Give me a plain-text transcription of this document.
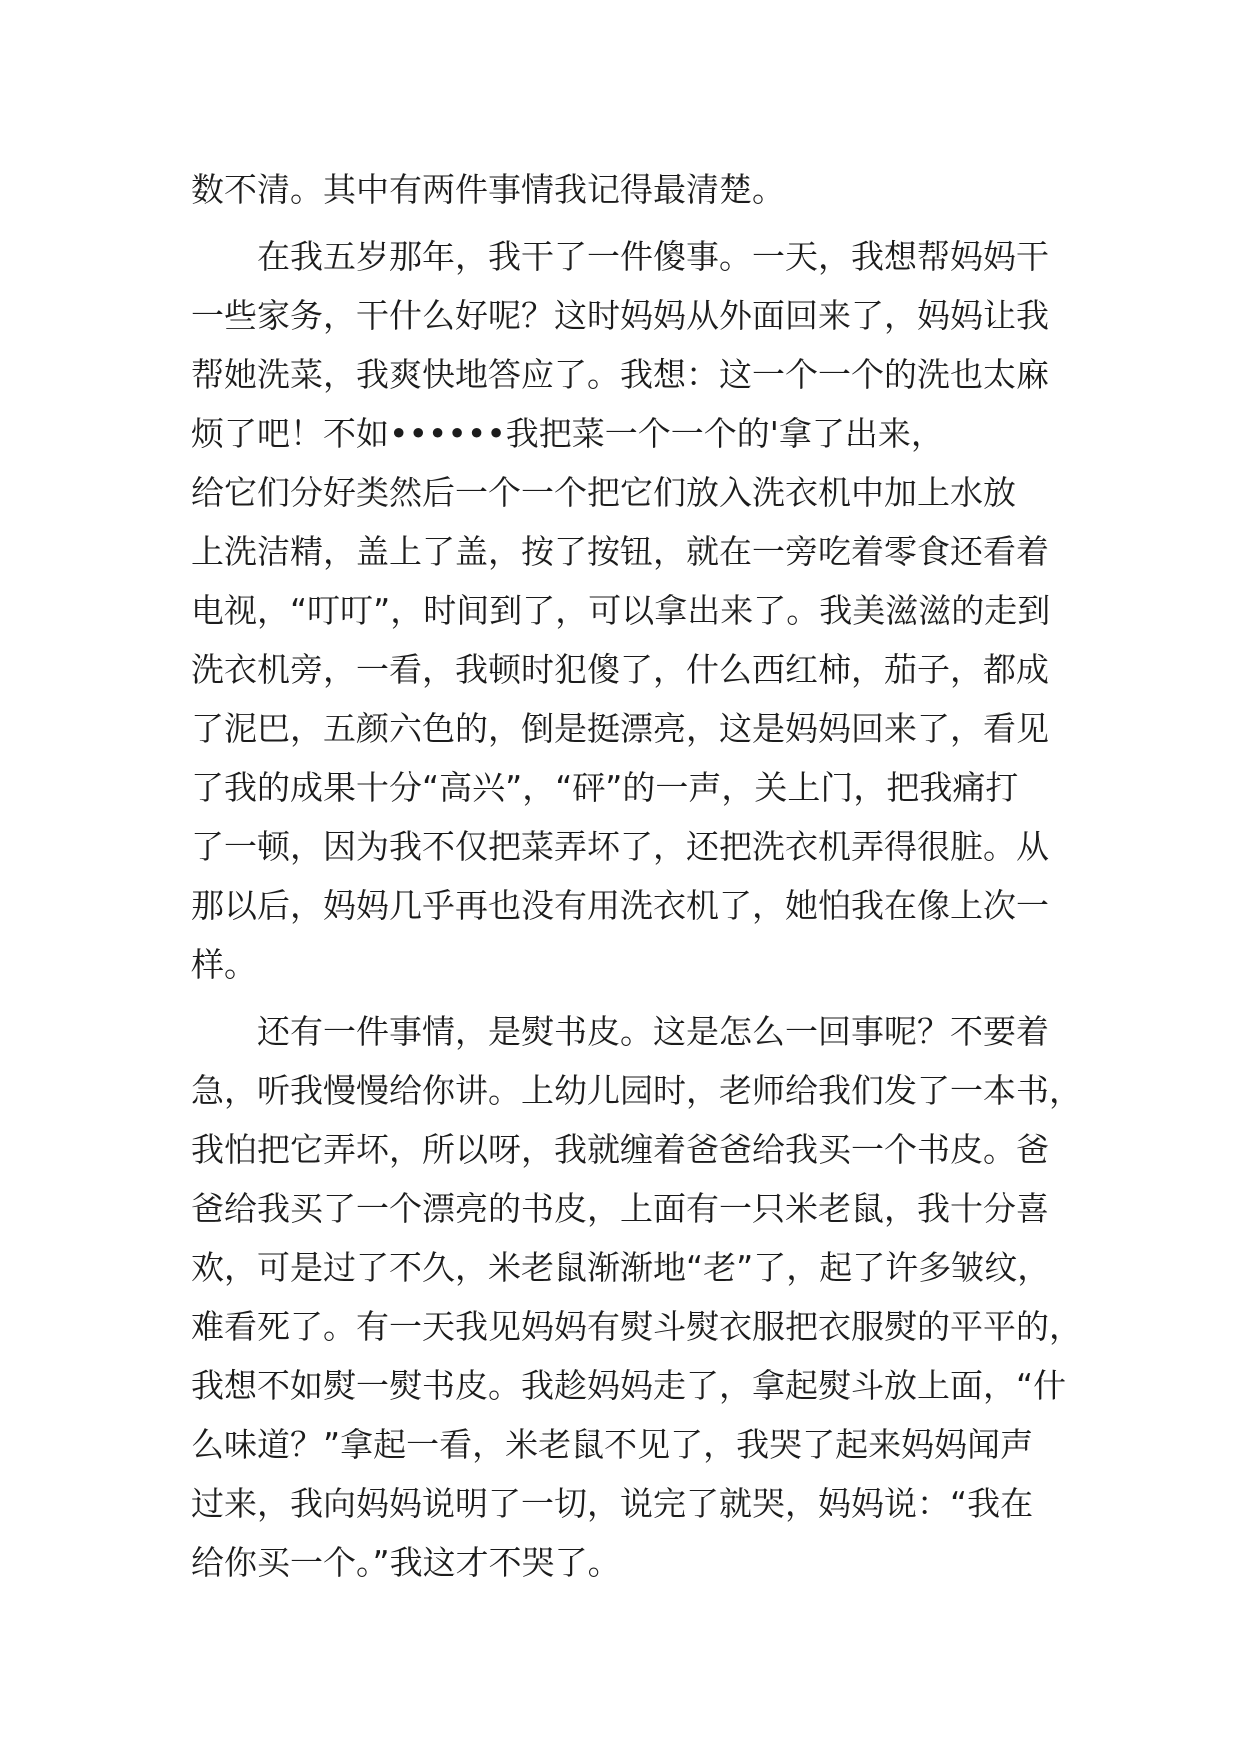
数不清。其中有两件事情我记得最清楚。
　　在我五岁那年，我干了一件傻事。一天，我想帮妈妈干
一些家务，干什么好呢？这时妈妈从外面回来了，妈妈让我
帮她洗菜，我爽快地答应了。我想：这一个一个的洗也太麻
烦了吧！不如••••••我把菜一个一个的'拿了出来，
给它们分好类然后一个一个把它们放入洗衣机中加上水放
上洗洁精，盖上了盖，按了按钮，就在一旁吃着零食还看着
电视，“叮叮”，时间到了，可以拿出来了。我美滋滋的走到
洗衣机旁，一看，我顿时犯傻了，什么西红柿，茄子，都成
了泥巴，五颜六色的，倒是挺漂亮，这是妈妈回来了，看见
了我的成果十分“高兴”，“砰”的一声，关上门，把我痛打
了一顿，因为我不仅把菜弄坏了，还把洗衣机弄得很脏。从
那以后，妈妈几乎再也没有用洗衣机了，她怕我在像上次一
样。
　　还有一件事情，是熨书皮。这是怎么一回事呢？不要着
急，听我慢慢给你讲。上幼儿园时，老师给我们发了一本书，
我怕把它弄坏，所以呀，我就缠着爸爸给我买一个书皮。爸
爸给我买了一个漂亮的书皮，上面有一只米老鼠，我十分喜
欢，可是过了不久，米老鼠渐渐地“老”了，起了许多皱纹，
难看死了。有一天我见妈妈有熨斗熨衣服把衣服熨的平平的，
我想不如熨一熨书皮。我趁妈妈走了，拿起熨斗放上面，“什
么味道？”拿起一看，米老鼠不见了，我哭了起来妈妈闻声
过来，我向妈妈说明了一切，说完了就哭，妈妈说：“我在
给你买一个。”我这才不哭了。
